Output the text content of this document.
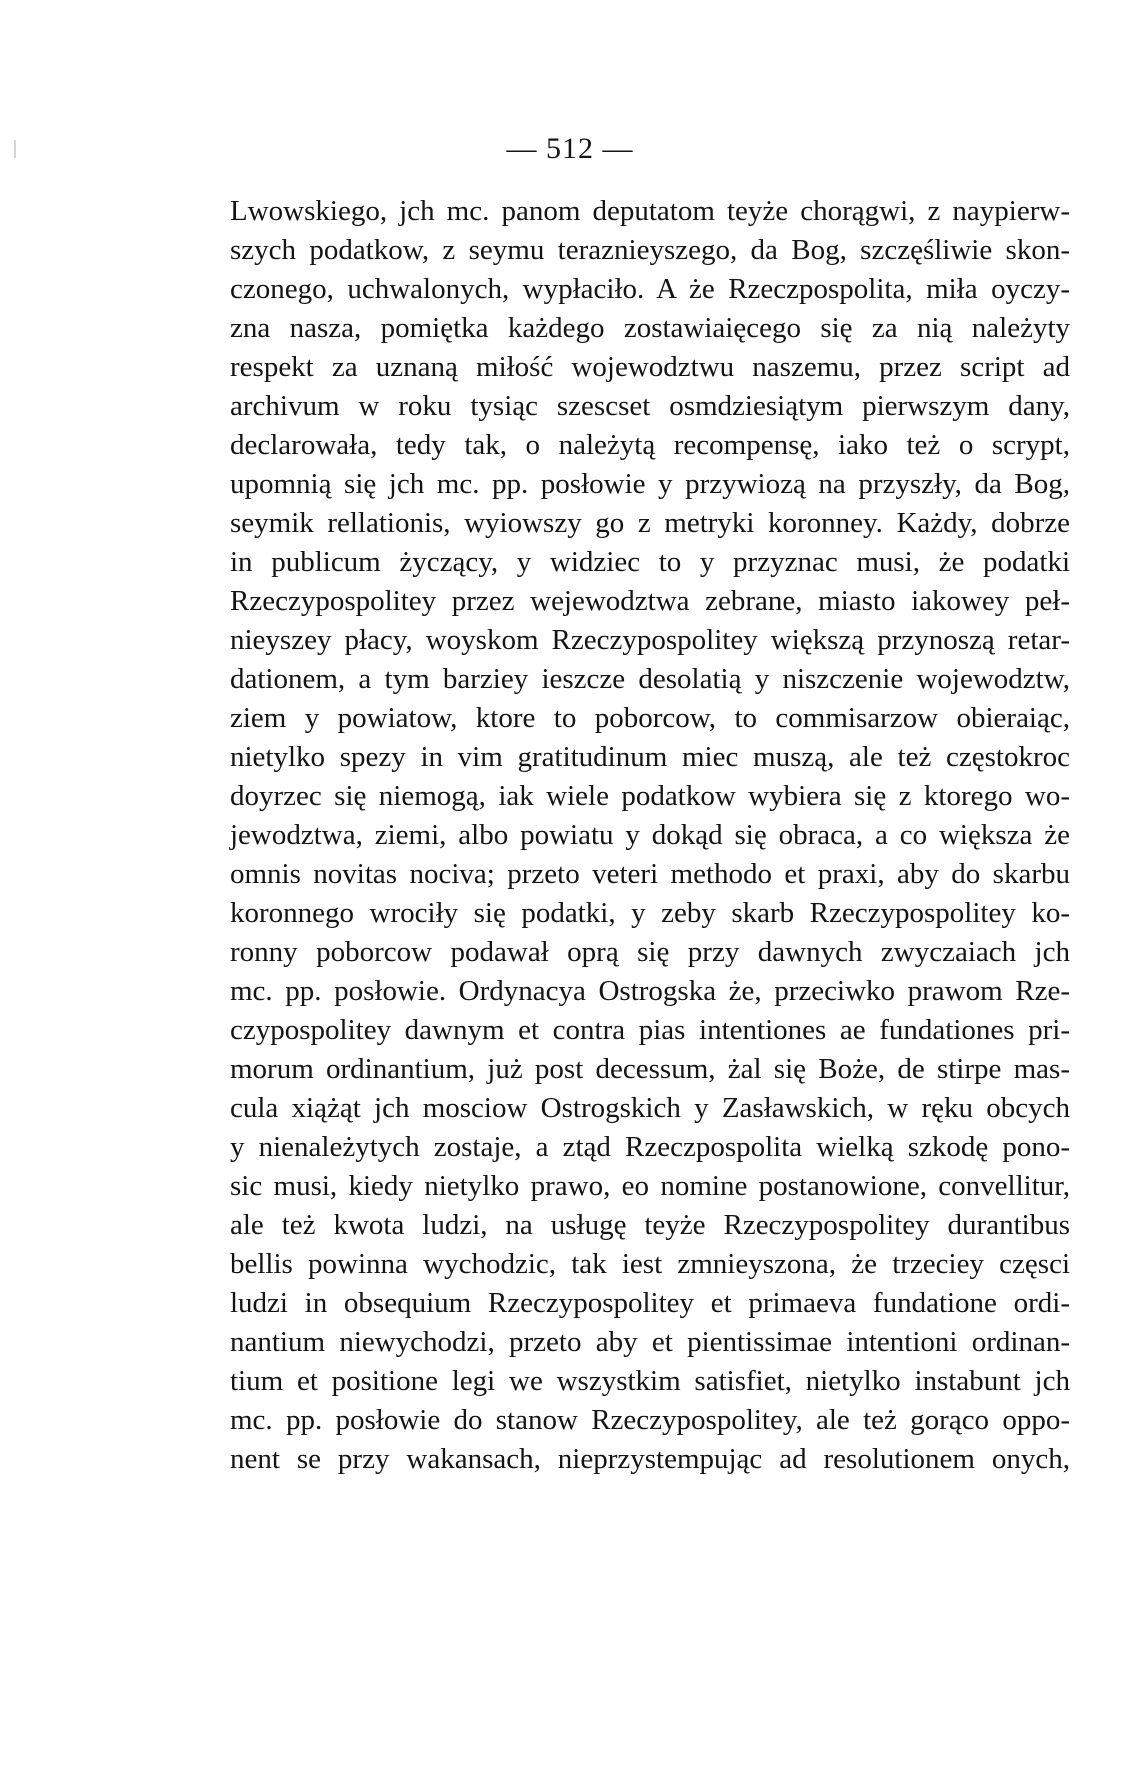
— 512 —
Lwowskiego, jch mc. panom deputatom teyże chorągwi, z naypierw-
szych podatkow, z seymu teraznieyszego, da Bog, szczęśliwie skon-
czonego, uchwalonych, wypłaciło. A że Rzeczpospolita, miła oyczy-
zna nasza, pomiętka każdego zostawiaięcego się za nią należyty
respekt za uznaną miłość wojewodztwu naszemu, przez script ad
archivum w roku tysiąc szescset osmdziesiątym pierwszym dany,
declarowała, tedy tak, o należytą recompensę, iako też o scrypt,
upomnią się jch mc. pp. posłowie y przywiozą na przyszły, da Bog,
seymik rellationis, wyiowszy go z metryki koronney. Każdy, dobrze
in publicum życzący, y widziec to y przyznac musi, że podatki
Rzeczypospolitey przez wejewodztwa zebrane, miasto iakowey peł-
nieyszey płacy, woyskom Rzeczypospolitey większą przynoszą retar-
dationem, a tym barziey ieszcze desolatią y niszczenie wojewodztw,
ziem y powiatow, ktore to poborcow, to commisarzow obieraiąc,
nietylko spezy in vim gratitudinum miec muszą, ale też częstokroc
doyrzec się niemogą, iak wiele podatkow wybiera się z ktorego wo-
jewodztwa, ziemi, albo powiatu y dokąd się obraca, a co większa że
omnis novitas nociva; przeto veteri methodo et praxi, aby do skarbu
koronnego wrociły się podatki, y zeby skarb Rzeczypospolitey ko-
ronny poborcow podawał oprą się przy dawnych zwyczaiach jch
mc. pp. posłowie. Ordynacya Ostrogska że, przeciwko prawom Rze-
czypospolitey dawnym et contra pias intentiones ae fundationes pri-
morum ordinantium, już post decessum, żal się Boże, de stirpe mas-
cula xiążąt jch mosciow Ostrogskich y Zasławskich, w ręku obcych
y nienależytych zostaje, a ztąd Rzeczpospolita wielką szkodę pono-
sic musi, kiedy nietylko prawo, eo nomine postanowione, convellitur,
ale też kwota ludzi, na usługę teyże Rzeczypospolitey durantibus
bellis powinna wychodzic, tak iest zmnieyszona, że trzeciey częsci
ludzi in obsequium Rzeczypospolitey et primaeva fundatione ordi-
nantium niewychodzi, przeto aby et pientissimae intentioni ordinan-
tium et positione legi we wszystkim satisfiet, nietylko instabunt jch
mc. pp. posłowie do stanow Rzeczypospolitey, ale też gorąco oppo-
nent se przy wakansach, nieprzystempując ad resolutionem onych,
